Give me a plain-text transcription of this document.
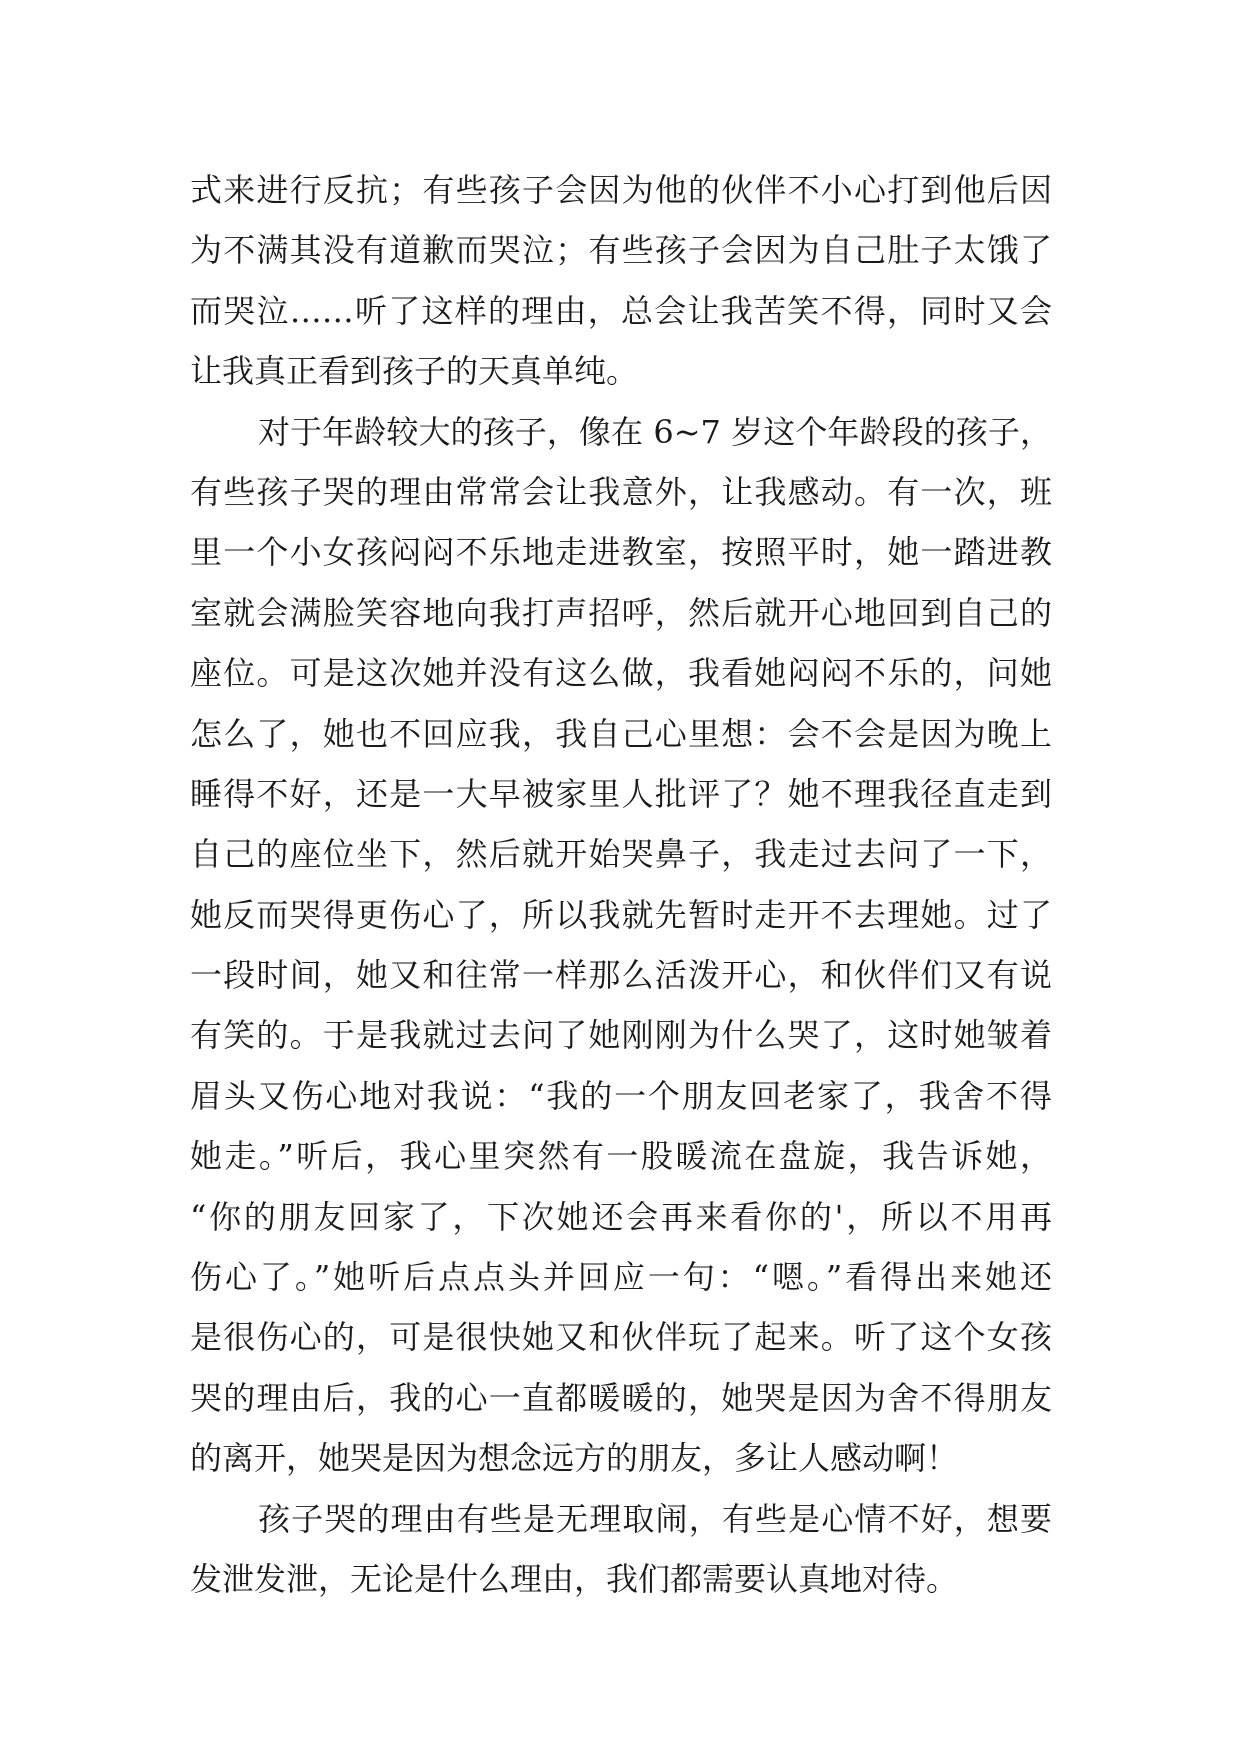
式来进行反抗；有些孩子会因为他的伙伴不小心打到他后因
为不满其没有道歉而哭泣；有些孩子会因为自己肚子太饿了
而哭泣……听了这样的理由，总会让我苦笑不得，同时又会
让我真正看到孩子的天真单纯。
对于年龄较大的孩子，像在 6~7 岁这个年龄段的孩子，
有些孩子哭的理由常常会让我意外，让我感动。有一次，班
里一个小女孩闷闷不乐地走进教室，按照平时，她一踏进教
室就会满脸笑容地向我打声招呼，然后就开心地回到自己的
座位。可是这次她并没有这么做，我看她闷闷不乐的，问她
怎么了，她也不回应我，我自己心里想：会不会是因为晚上
睡得不好，还是一大早被家里人批评了？她不理我径直走到
自己的座位坐下，然后就开始哭鼻子，我走过去问了一下，
她反而哭得更伤心了，所以我就先暂时走开不去理她。过了
一段时间，她又和往常一样那么活泼开心，和伙伴们又有说
有笑的。于是我就过去问了她刚刚为什么哭了，这时她皱着
眉头又伤心地对我说：“我的一个朋友回老家了，我舍不得
她走。”听后，我心里突然有一股暖流在盘旋，我告诉她，
“你的朋友回家了，下次她还会再来看你的'，所以不用再
伤心了。”她听后点点头并回应一句：“嗯。”看得出来她还
是很伤心的，可是很快她又和伙伴玩了起来。听了这个女孩
哭的理由后，我的心一直都暖暖的，她哭是因为舍不得朋友
的离开，她哭是因为想念远方的朋友，多让人感动啊！
孩子哭的理由有些是无理取闹，有些是心情不好，想要
发泄发泄，无论是什么理由，我们都需要认真地对待。
